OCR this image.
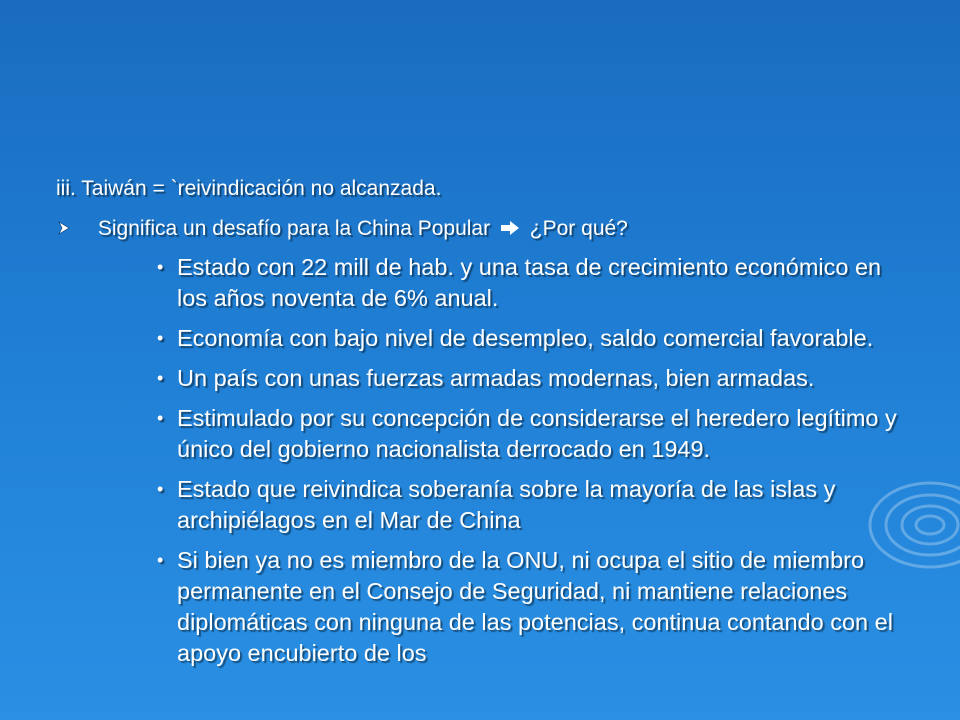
iii. Taiwán = `reivindicación no alcanzada.
Significa un desafío para la China Popular ¿Por qué?
• Estado con 22 mill de hab. y una tasa de crecimiento económico en los años noventa de 6% anual.
• Economía con bajo nivel de desempleo, saldo comercial favorable.
• Un país con unas fuerzas armadas modernas, bien armadas.
• Estimulado por su concepción de considerarse el heredero legítimo y único del gobierno nacionalista derrocado en 1949.
• Estado que reivindica soberanía sobre la mayoría de las islas y archipiélagos en el Mar de China
• Si bien ya no es miembro de la ONU, ni ocupa el sitio de miembro permanente en el Consejo de Seguridad, ni mantiene relaciones diplomáticas con ninguna de las potencias, continua contando con el apoyo encubierto de los
